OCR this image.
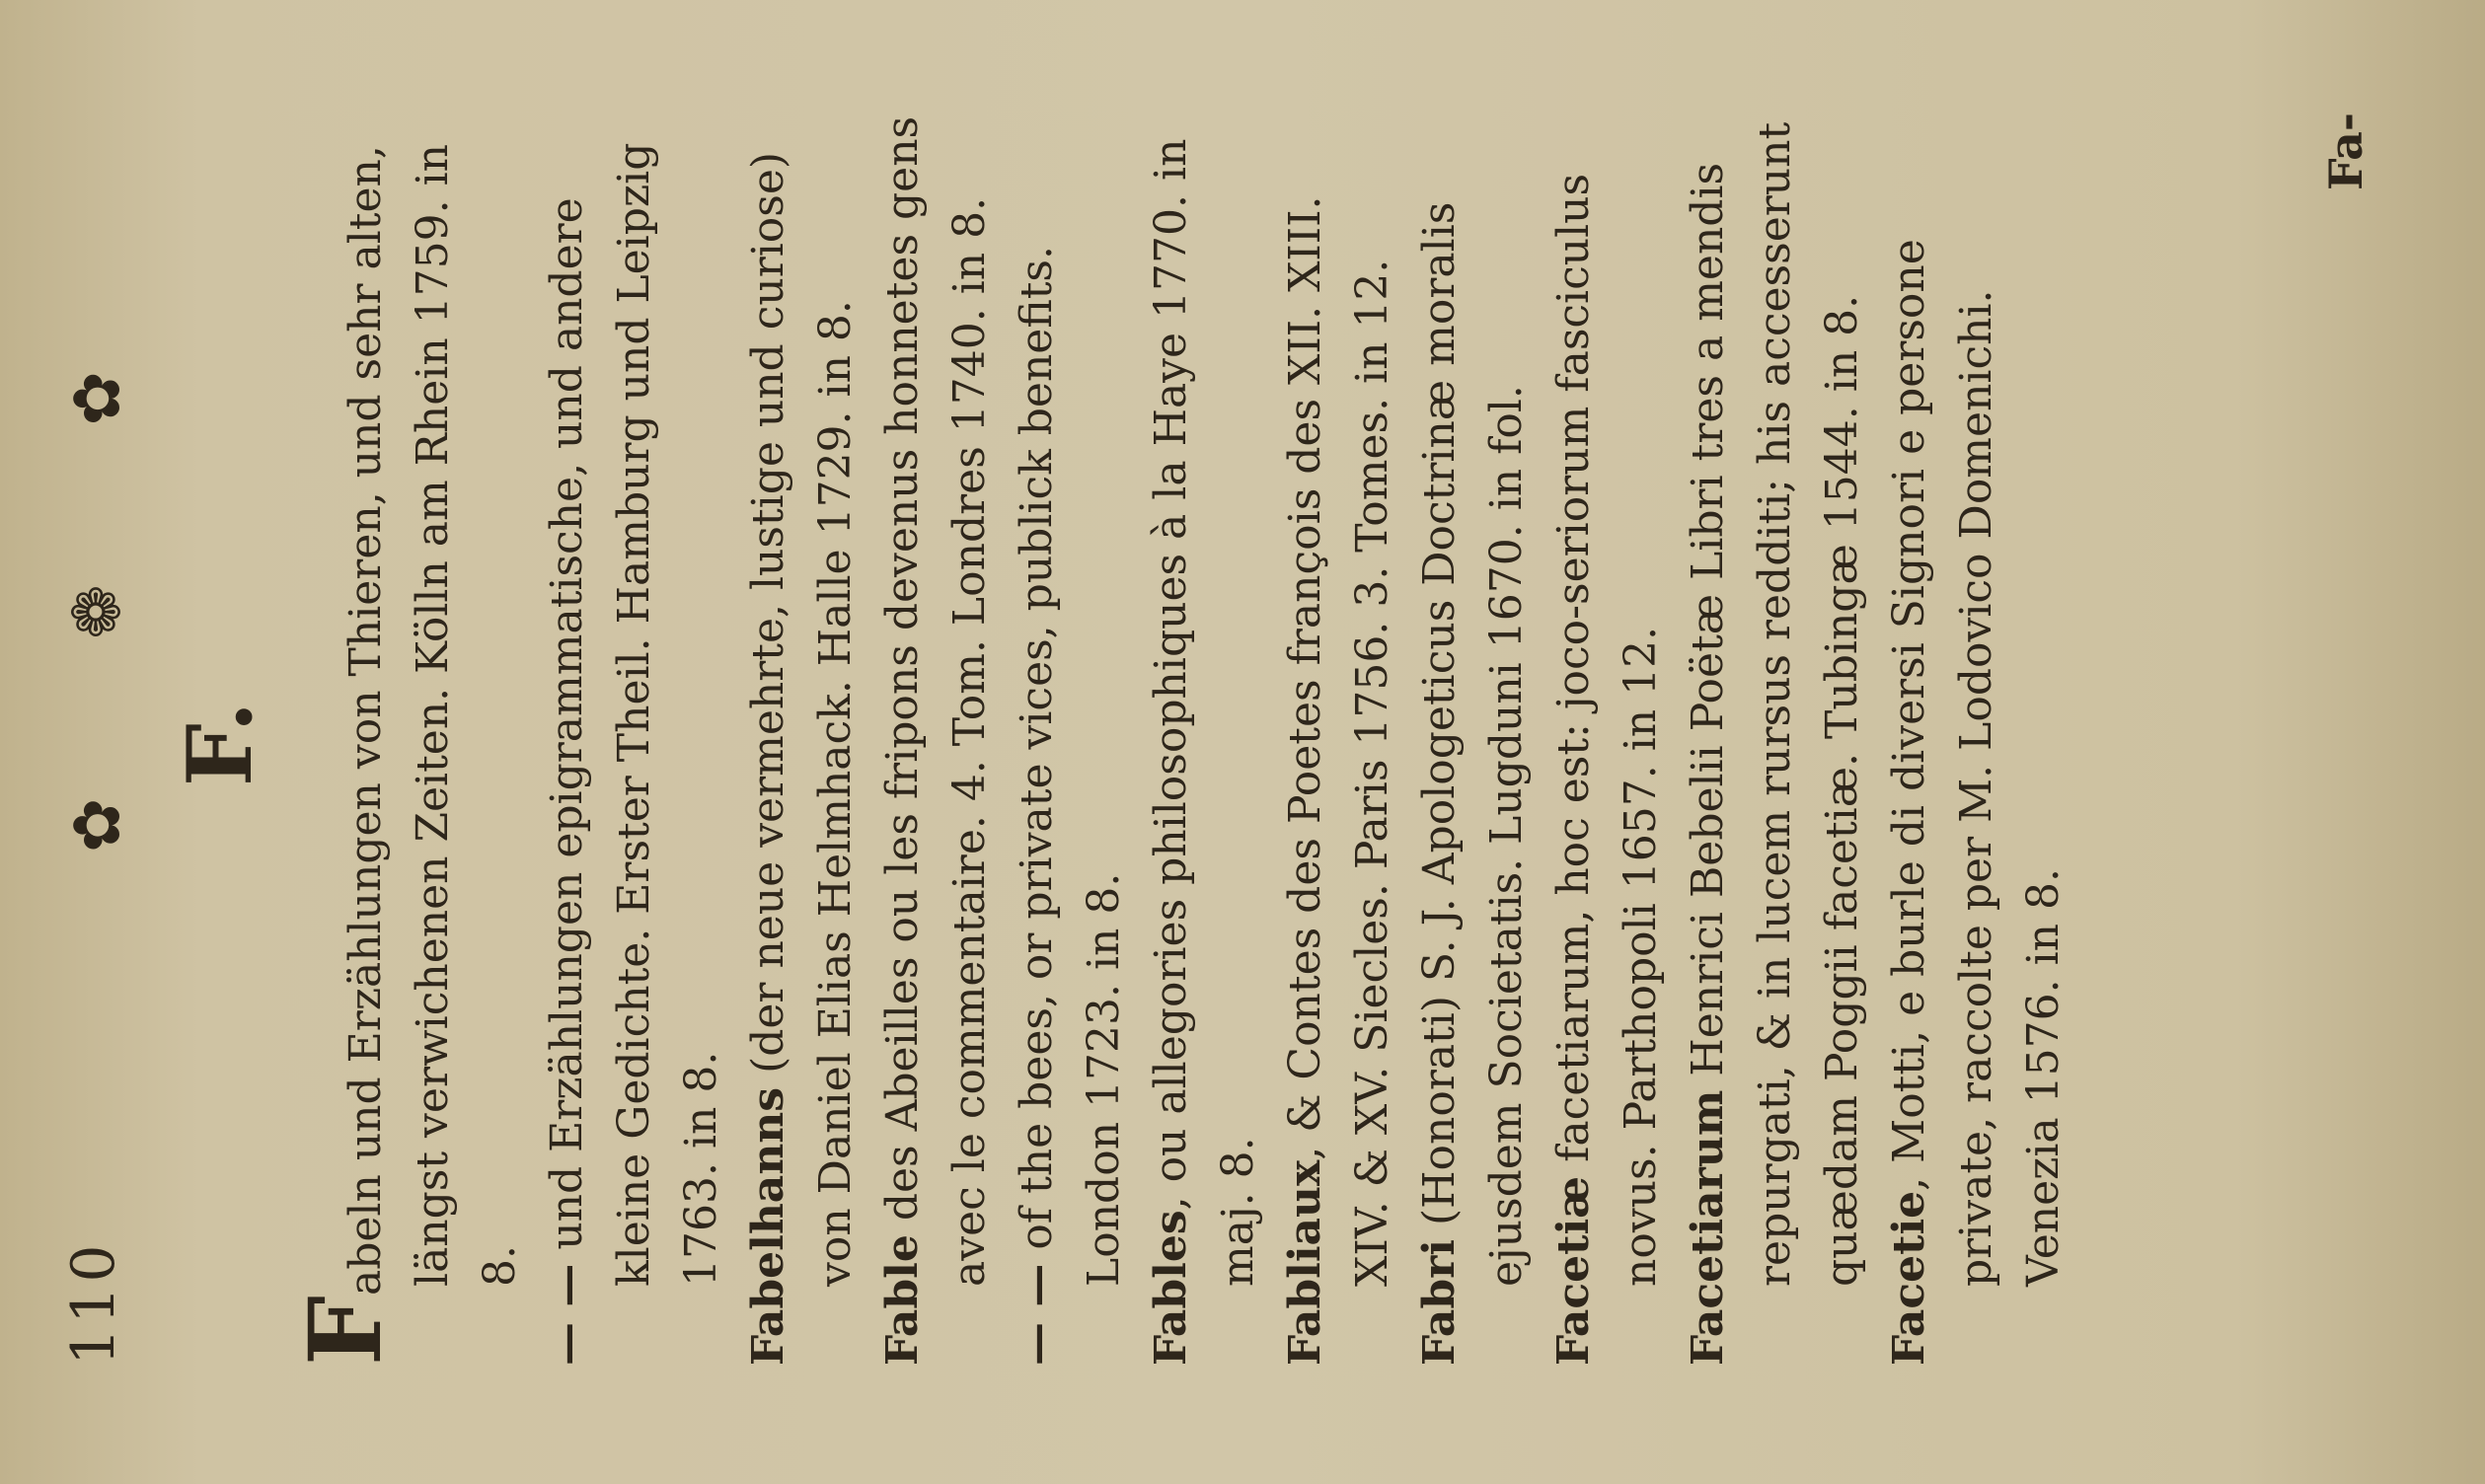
110
✿ ❁ ✿ F.

Fabeln und Erzählungen von Thieren, und sehr alten, längst verwichenen Zeiten. Kölln am Rhein 1759. in 8. — — und Erzählungen epigrammatische, und andere kleine Gedichte. Erster Theil. Hamburg und Leipzig 1763. in 8. Fabelhanns (der neue vermehrte, lustige und curiose) von Daniel Elias Helmhack. Halle 1729. in 8.

Fable des Abeilles ou les fripons devenus honnetes gens avec le commentaire. 4. Tom. Londres 1740. in 8.

— — of the bees, or private vices, publick benefits. London 1723. in 8.

Fables, ou allegories philosophiques à la Haye 1770. in maj. 8. Fabliaux, & Contes des Poetes françois des XII. XIII. XIV. & XV. Siecles. Paris 1756. 3. Tomes. in 12.

Fabri (Honorati) S. J. Apologeticus Doctrinæ moralis ejusdem Societatis. Lugduni 1670. in fol. Facetiæ facetiarum, hoc est: joco-seriorum fasciculus novus. Parthopoli 1657. in 12. Facetiarum Henrici Bebelii Poëtæ Libri tres a mendis repurgati, & in lucem rursus redditi; his accesserunt quædam Poggii facetiæ. Tubingæ 1544. in 8. Facetie, Motti, e burle di diversi Signori e persone private, raccolte per M. Lodovico Domenichi. Venezia 1576. in 8.

Fa-
